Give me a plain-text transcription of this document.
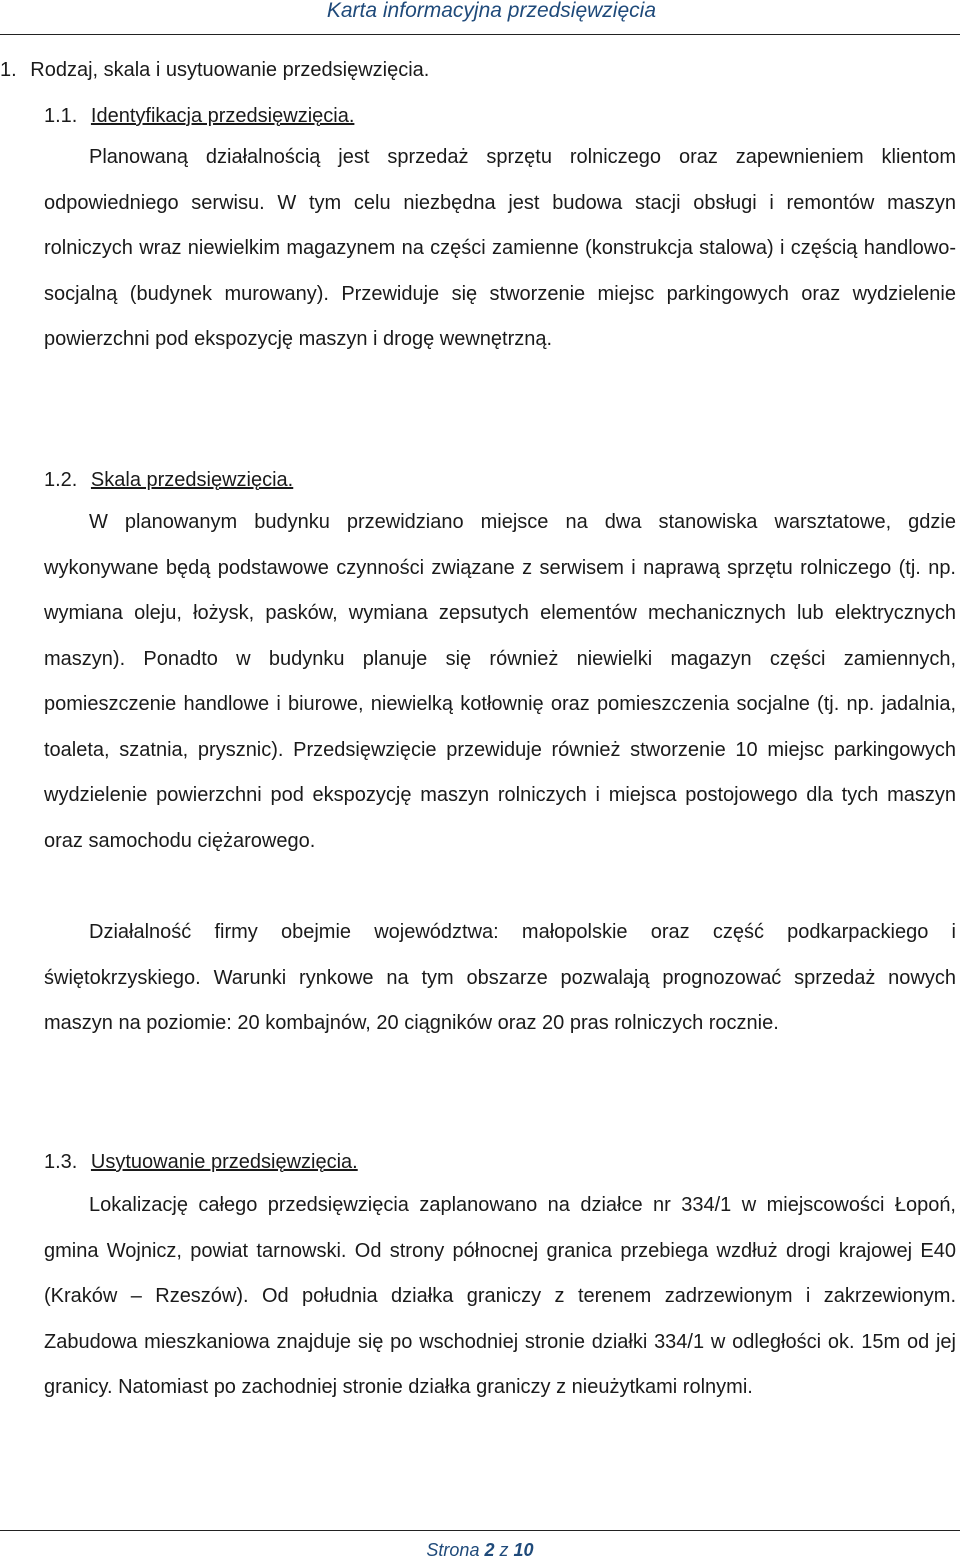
Karta informacyjna przedsięwzięcia
1. Rodzaj, skala i usytuowanie przedsięwzięcia.
1.1. Identyfikacja przedsięwzięcia.
Planowaną działalnością jest sprzedaż sprzętu rolniczego oraz zapewnieniem klientom odpowiedniego serwisu. W tym celu niezbędna jest budowa stacji obsługi i remontów maszyn rolniczych wraz niewielkim magazynem na części zamienne (konstrukcja stalowa) i częścią handlowo-socjalną (budynek murowany). Przewiduje się stworzenie miejsc parkingowych oraz wydzielenie powierzchni pod ekspozycję maszyn i drogę wewnętrzną.
1.2. Skala przedsięwzięcia.
W planowanym budynku przewidziano miejsce na dwa stanowiska warsztatowe, gdzie wykonywane będą podstawowe czynności związane z serwisem i naprawą sprzętu rolniczego (tj. np. wymiana oleju, łożysk, pasków, wymiana zepsutych elementów mechanicznych lub elektrycznych maszyn). Ponadto w budynku planuje się również niewielki magazyn części zamiennych, pomieszczenie handlowe i biurowe, niewielką kotłownię oraz pomieszczenia socjalne (tj. np. jadalnia, toaleta, szatnia, prysznic). Przedsięwzięcie przewiduje również stworzenie 10 miejsc parkingowych wydzielenie powierzchni pod ekspozycję maszyn rolniczych i miejsca postojowego dla tych maszyn oraz samochodu ciężarowego.
Działalność firmy obejmie województwa: małopolskie oraz część podkarpackiego i świętokrzyskiego. Warunki rynkowe na tym obszarze pozwalają prognozować sprzedaż nowych maszyn na poziomie: 20 kombajnów, 20 ciągników oraz 20 pras rolniczych rocznie.
1.3. Usytuowanie przedsięwzięcia.
Lokalizację całego przedsięwzięcia zaplanowano na działce nr 334/1 w miejscowości Łopoń, gmina Wojnicz, powiat tarnowski. Od strony północnej granica przebiega wzdłuż drogi krajowej E40 (Kraków – Rzeszów). Od południa działka graniczy z terenem zadrzewionym i zakrzewionym. Zabudowa mieszkaniowa znajduje się po wschodniej stronie działki 334/1 w odległości ok. 15m od jej granicy. Natomiast po zachodniej stronie działka graniczy z nieużytkami rolnymi.
Strona 2 z 10
